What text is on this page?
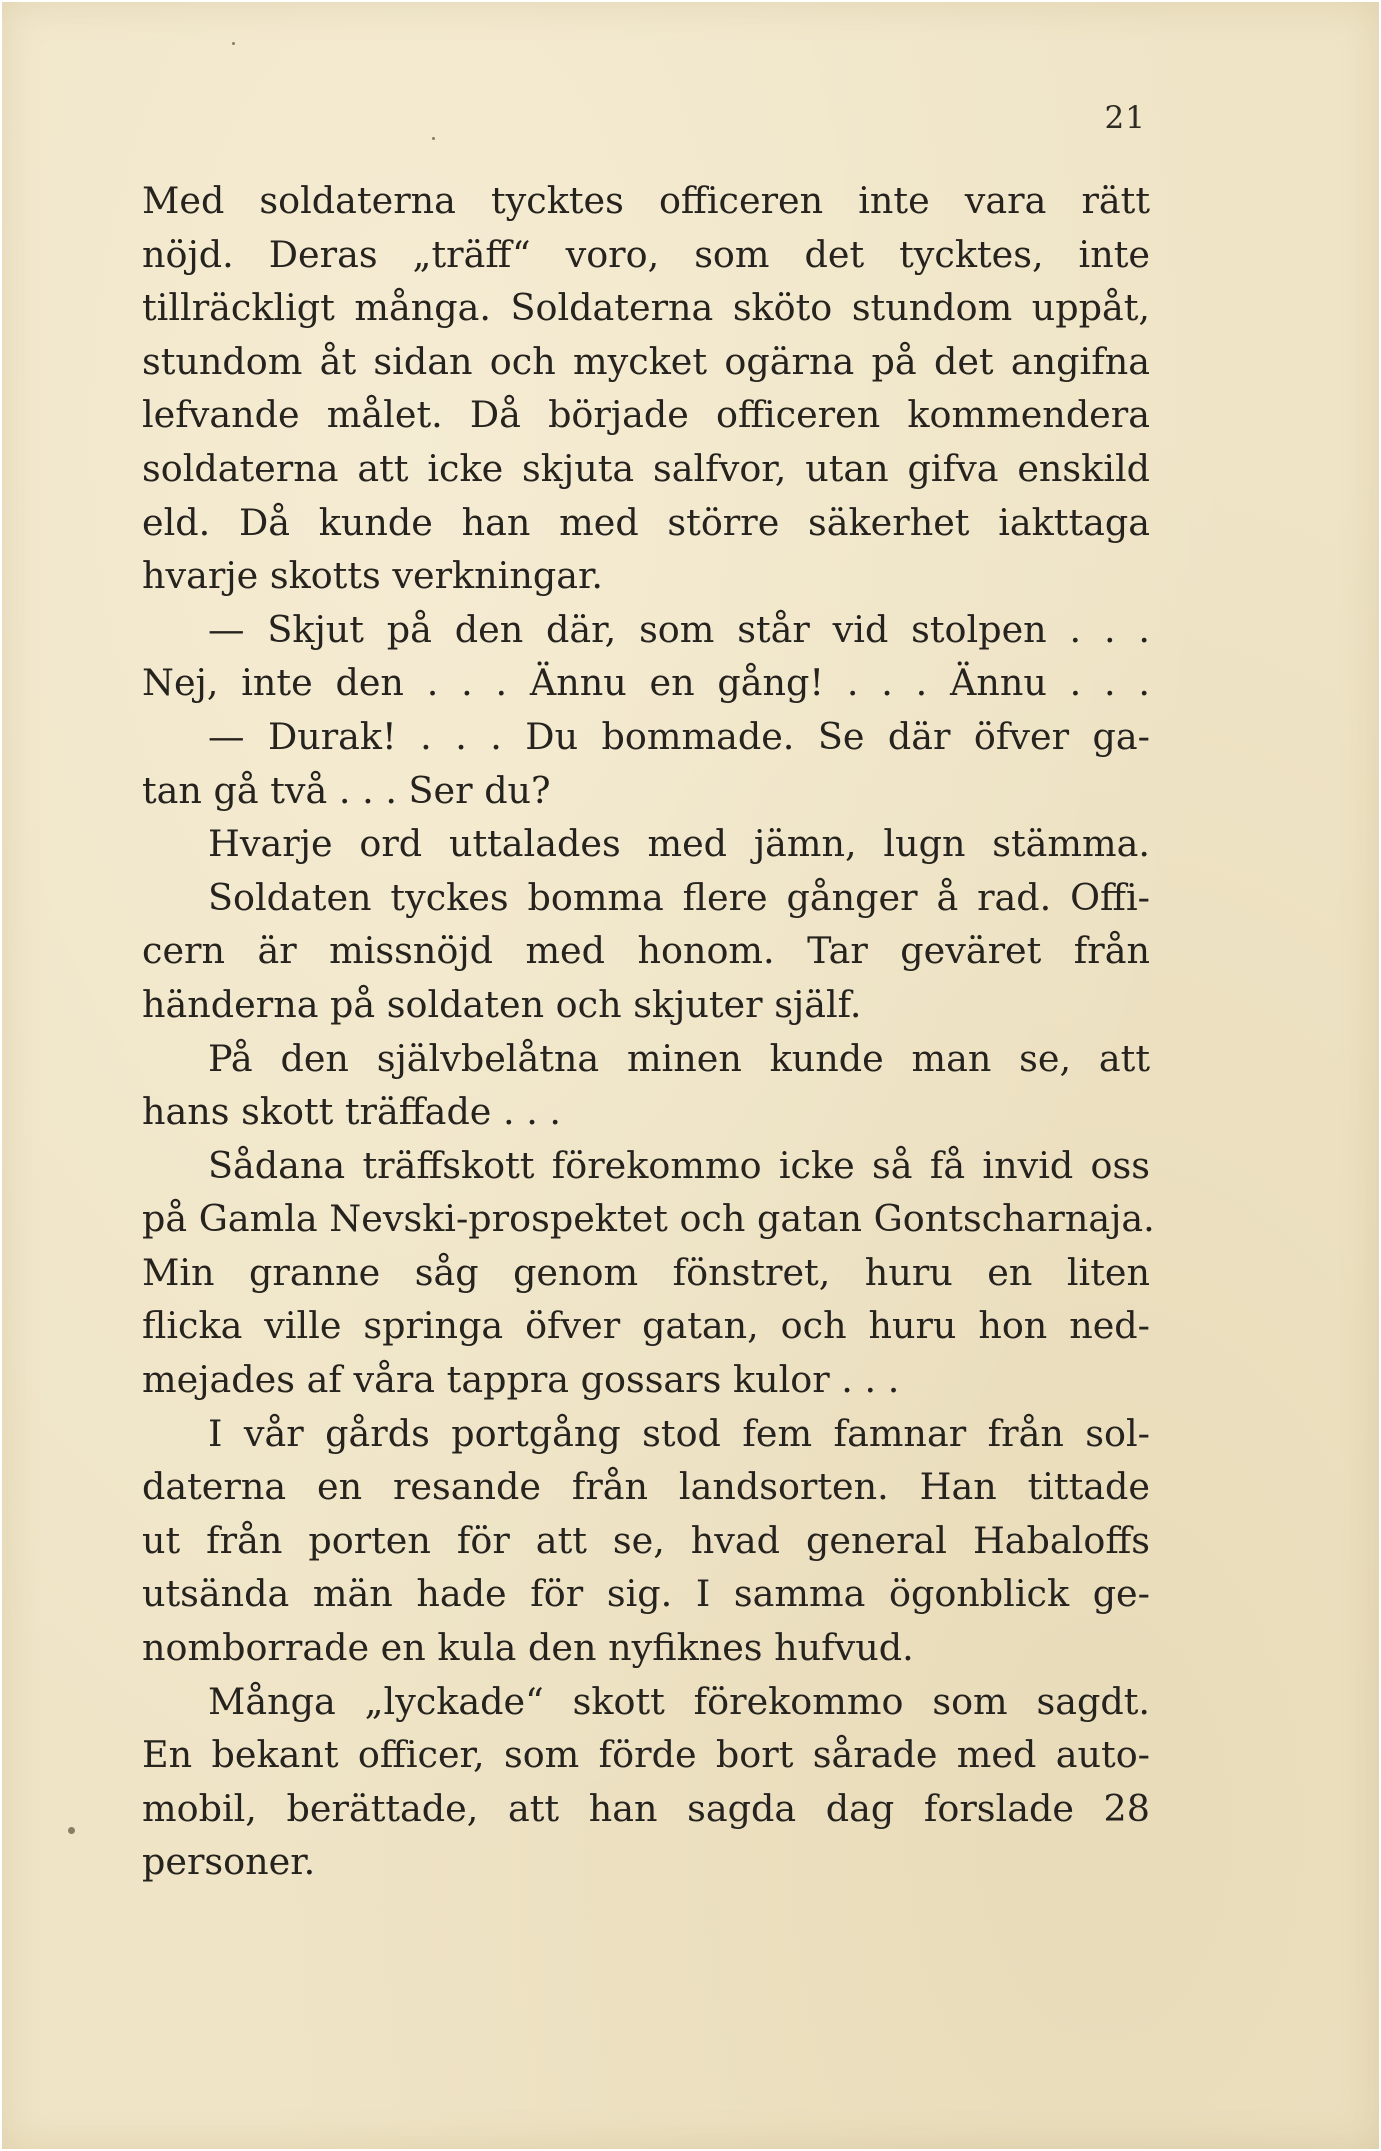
21
Med soldaterna tycktes officeren inte vara rätt
nöjd. Deras „träff“ voro, som det tycktes, inte
tillräckligt många. Soldaterna sköto stundom uppåt,
stundom åt sidan och mycket ogärna på det angifna
lefvande målet. Då började officeren kommendera
soldaterna att icke skjuta salfvor, utan gifva enskild
eld. Då kunde han med större säkerhet iakttaga
hvarje skotts verkningar.
— Skjut på den där, som står vid stolpen . . .
Nej, inte den . . . Ännu en gång! . . . Ännu . . .
— Durak! . . . Du bommade. Se där öfver ga-
tan gå två . . . Ser du?
Hvarje ord uttalades med jämn, lugn stämma.
Soldaten tyckes bomma flere gånger å rad. Offi-
cern är missnöjd med honom. Tar geväret från
händerna på soldaten och skjuter själf.
På den självbelåtna minen kunde man se, att
hans skott träffade . . .
Sådana träffskott förekommo icke så få invid oss
på Gamla Nevski-prospektet och gatan Gontscharnaja.
Min granne såg genom fönstret, huru en liten
flicka ville springa öfver gatan, och huru hon ned-
mejades af våra tappra gossars kulor . . .
I vår gårds portgång stod fem famnar från sol-
daterna en resande från landsorten. Han tittade
ut från porten för att se, hvad general Habaloffs
utsända män hade för sig. I samma ögonblick ge-
nomborrade en kula den nyfiknes hufvud.
Många „lyckade“ skott förekommo som sagdt.
En bekant officer, som förde bort sårade med auto-
mobil, berättade, att han sagda dag forslade 28
personer.
